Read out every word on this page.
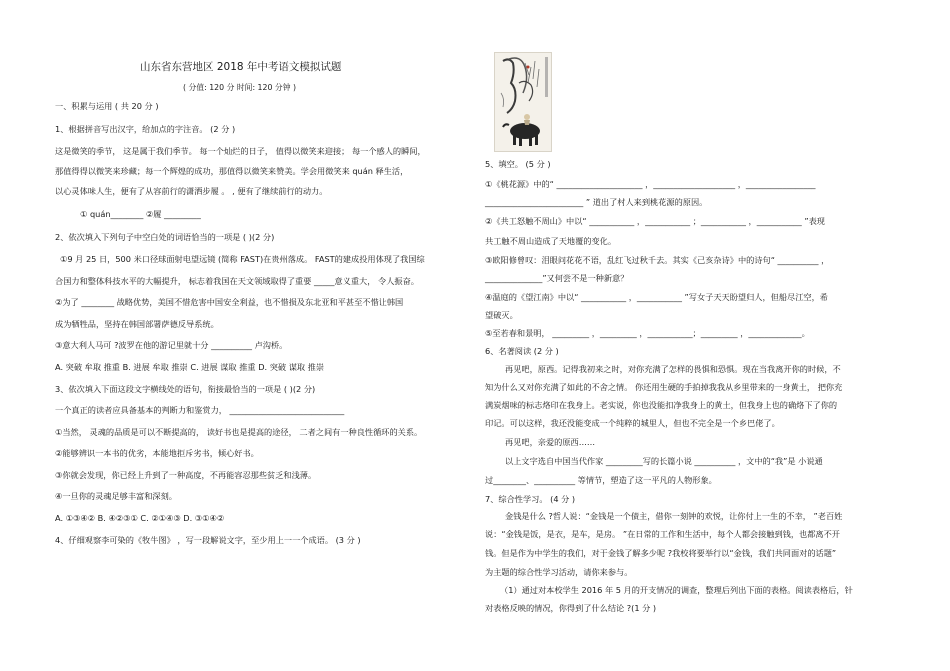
山东省东营地区 2018 年中考语文模拟试题
( 分值: 120 分 时间: 120 分钟 )
一、积累与运用 ( 共 20 分 )
1、根据拼音写出汉字，给加点的字注音。 (2 分 )
这是微笑的季节， 这是属于我们季节。 每一个灿烂的日子， 值得以微笑来迎接； 每一个感人的瞬间，
那值得得以微笑来珍藏；每一个辉煌的成功，那值得以微笑来赞美。学会用微笑来 quán 释生活，
以心灵体味人生，便有了从容前行的潇洒步履 。 , 便有了继续前行的动力。
① quán________ ②履 _________
2、依次填入下列句子中空白处的词语恰当的一项是 ( )(2 分)
①9 月 25 日，500 米口径球面射电望远镜 (简称 FAST)在贵州落成。 FAST的建成投用体现了我国综
合国力和整体科技水平的大幅提升， 标志着我国在天文领域取得了重要 _____意义重大， 令人振奋。
②为了 ________ 战略优势，美国不惜危害中国安全利益，也不惜损及东北亚和平甚至不惜让韩国
成为牺牲品，坚持在韩国部署萨德反导系统。
③意大利人马可 ?波罗在他的游记里就十分 __________ 卢沟桥。
A. 突破 牟取 推重 B. 进展 牟取 推崇 C. 进展 谋取 推重 D. 突破 谋取 推崇
3、依次填入下面这段文字横线处的语句，衔接最恰当的一项是 ( )(2 分)
一个真正的读者应具备基本的判断力和鉴赏力， ____________________________
①当然， 灵魂的品质是可以不断提高的， 读好书也是提高的途径， 二者之间有一种良性循环的关系。
②能够辨识一本书的优劣，本能地拒斥劣书，倾心好书。
③你就会发现，你已经上升到了一种高度，不再能容忍那些贫乏和浅薄。
④一旦你的灵魂足够丰富和深刻。
A. ①③④② B. ④②③① C. ②①④③ D. ③①④②
4、仔细观察李可染的《牧牛图》 ，写一段解说文字，至少用上一一个成语。 (3 分 )
5、填空。 (5 分 )
①《桃花源》中的“ _____________________ ，____________________ ，_________________
________________________ ” 道出了村人来到桃花源的原因。
②《共工怒触不周山》中以“ ___________ ，___________ ；___________ ，___________ ”表现
共工触不周山造成了天地覆的变化。
③欧阳修曾叹：泪眼问花花不语，乱红飞过秋千去。其实《己亥杂诗》中的诗句“ __________ ，
______________”又何尝不是一种新意？
④温庭的《望江南》中以“ ___________ ，___________ ”写女子天天盼望归人，但船尽江空，希
望破灭。
⑤至若春和景明， _________ ，_________ ，___________；_________ ，_____________。
6、名著阅读 (2 分 )
再见吧，原西。记得我初来之时，对你充满了怎样的畏惧和恐惧。现在当我离开你的时候，不
知为什么又对你充满了如此的不舍之情。 你还用生硬的手拍掉我我从乡里带来的一身黄土， 把你充
满炭烟味的标志烙印在我身上。老实说，你也没能扣净我身上的黄土，但我身上也的确烙下了你的
印记。可以这样，我还没能变成一个纯粹的城里人，但也不完全是一个乡巴佬了。
再见吧，亲爱的原西……
以上文字选自中国当代作家 _________写的长篇小说 __________ ，文中的“我”是 小说通
过________、__________ 等情节，塑造了这一平凡的人物形象。
7、综合性学习。 (4 分 )
金钱是什么 ?哲人说：“金钱是一个债主，借你一刻钟的欢悦，让你付上一生的不幸， ”老百姓
说：“金钱是饭，是衣，是车，是房。 ”在日常的工作和生活中，每个人都会接触到钱，也都离不开
钱。但是作为中学生的我们，对于金钱了解多少呢 ?我校将要举行以“金钱，我们共同面对的话题”
为主题的综合性学习活动，请你来参与。
（1）通过对本校学生 2016 年 5 月的开支情况的调查，整理后列出下面的表格。阅读表格后，针
对表格反映的情况，你得到了什么结论 ?(1 分 )
